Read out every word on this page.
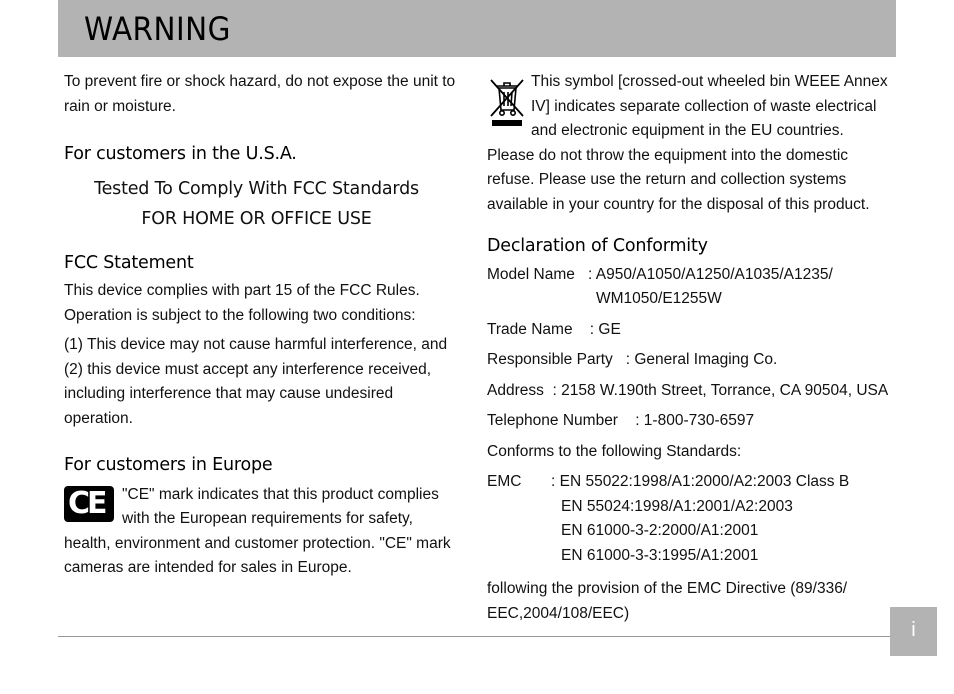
WARNING

To prevent fire or shock hazard, do not expose the unit to rain or moisture.

For customers in the U.S.A.

Tested To Comply With FCC Standards

FOR HOME OR OFFICE USE

FCC Statement

This device complies with part 15 of the FCC Rules. Operation is subject to the following two conditions:

(1) This device may not cause harmful interference, and (2) this device must accept any interference received, including interference that may cause undesired operation.

For customers in Europe

CE	"CE" mark indicates that this product complies with the European requirements for safety, health, environment and customer protection. "CE" mark cameras are intended for sales in Europe.

This symbol [crossed-out wheeled bin WEEE Annex IV] indicates separate collection of waste electrical and electronic equipment in the EU countries.

Please do not throw the equipment into the domestic refuse. Please use the return and collection systems available in your country for the disposal of this product.

Declaration of Conformity

Model Name : A950/A1050/A1250/A1035/A1235/
WM1050/E1255W

Trade Name    : GE

Responsible Party   : General Imaging Co.

Address  : 2158 W.190th Street, Torrance, CA 90504, USA

Telephone Number    : 1-800-730-6597

Conforms to the following Standards:

EMC	: EN 55022:1998/A1:2000/A2:2003 Class B
EN 55024:1998/A1:2001/A2:2003
EN 61000-3-2:2000/A1:2001
EN 61000-3-3:1995/A1:2001

following the provision of the EMC Directive (89/336/ EEC,2004/108/EEC)

i
